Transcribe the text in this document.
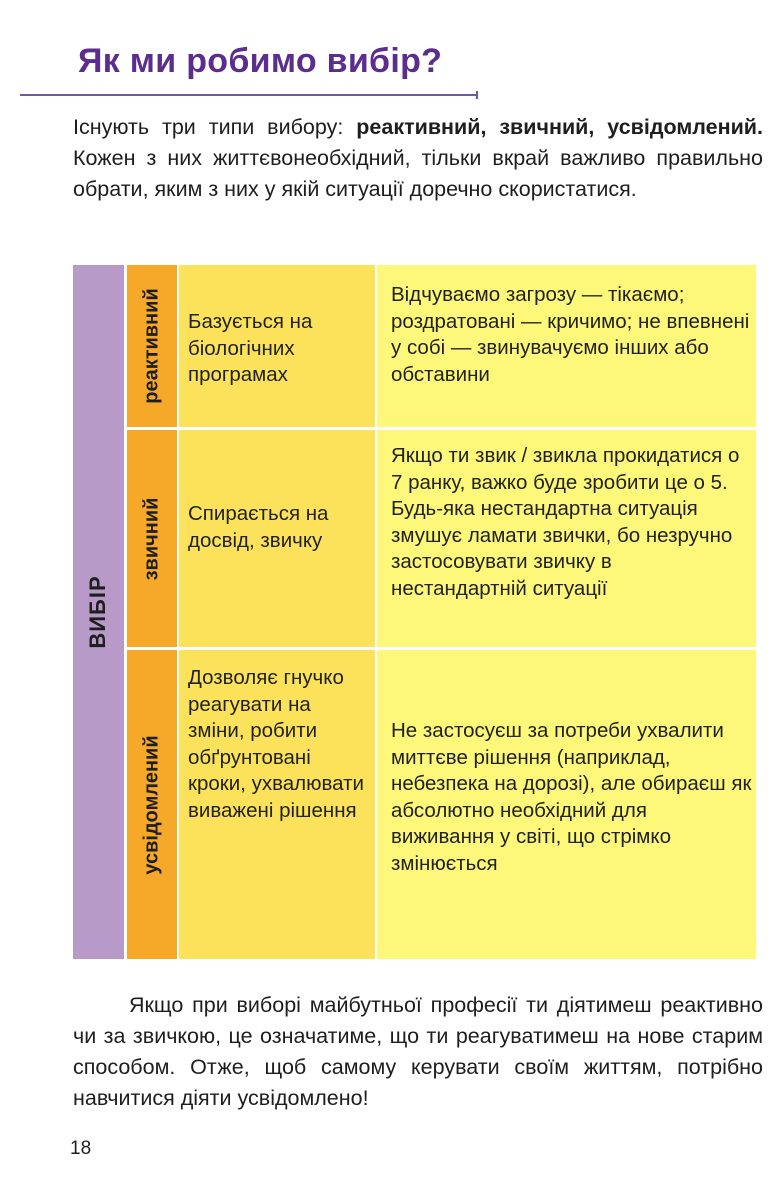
Як ми робимо вибір?

Існують три типи вибору: реактивний, звичний, усвідомлений. Кожен з них життєвонеобхідний, тільки вкрай важливо правильно обрати, яким з них у якій ситуації доречно скористатися.

ВИБІР
реактивний Базується на біологічних програмах
Відчуваємо загрозу — тікаємо; роздратовані — кричимо; не впевнені у собі — звинувачуємо інших або обставини
звичний Спирається на досвід, звичку
Якщо ти звик / звикла прокидатися о 7 ранку, важко буде зробити це о 5. Будь-яка нестандартна ситуація змушує ламати звички, бо незручно застосовувати звичку в нестандартній ситуації
усвідомлений
Дозволяє гнучко реагувати на зміни, робити обґрунтовані кроки, ухвалювати виважені рішення
Не застосуєш за потреби ухвалити миттєве рішення (наприклад, небезпека на дорозі), але обираєш як абсолютно необхідний для виживання у світі, що стрімко змінюється

Якщо при виборі майбутньої професії ти діятимеш реактивно чи за звичкою, це означатиме, що ти реагуватимеш на нове старим способом. Отже, щоб самому керувати своїм життям, потрібно навчитися діяти усвідомлено!

18
